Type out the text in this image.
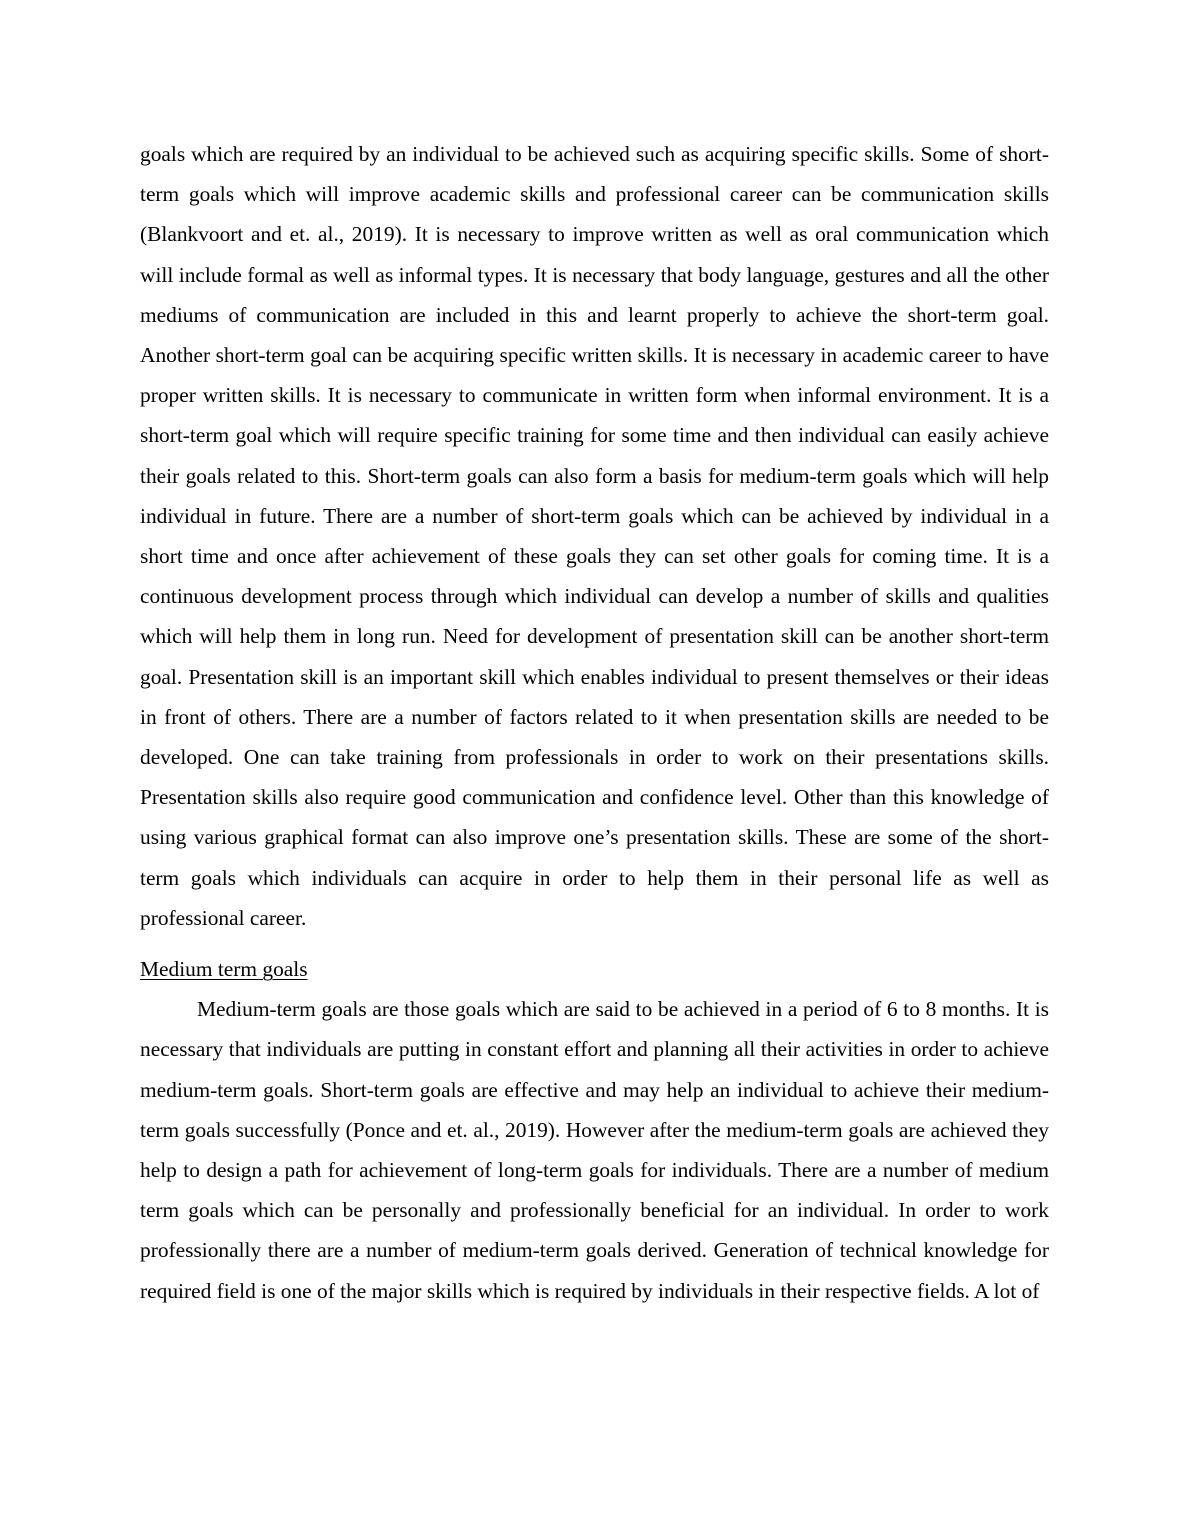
goals which are required by an individual to be achieved such as acquiring specific skills. Some of short-term goals which will improve academic skills and professional career can be communication skills (Blankvoort and et. al., 2019). It is necessary to improve written as well as oral communication which will include formal as well as informal types. It is necessary that body language, gestures and all the other mediums of communication are included in this and learnt properly to achieve the short-term goal. Another short-term goal can be acquiring specific written skills. It is necessary in academic career to have proper written skills. It is necessary to communicate in written form when informal environment. It is a short-term goal which will require specific training for some time and then individual can easily achieve their goals related to this. Short-term goals can also form a basis for medium-term goals which will help individual in future. There are a number of short-term goals which can be achieved by individual in a short time and once after achievement of these goals they can set other goals for coming time. It is a continuous development process through which individual can develop a number of skills and qualities which will help them in long run. Need for development of presentation skill can be another short-term goal. Presentation skill is an important skill which enables individual to present themselves or their ideas in front of others. There are a number of factors related to it when presentation skills are needed to be developed. One can take training from professionals in order to work on their presentations skills. Presentation skills also require good communication and confidence level. Other than this knowledge of using various graphical format can also improve one’s presentation skills. These are some of the short-term goals which individuals can acquire in order to help them in their personal life as well as professional career.

Medium term goals

Medium-term goals are those goals which are said to be achieved in a period of 6 to 8 months. It is necessary that individuals are putting in constant effort and planning all their activities in order to achieve medium-term goals. Short-term goals are effective and may help an individual to achieve their medium-term goals successfully (Ponce and et. al., 2019). However after the medium-term goals are achieved they help to design a path for achievement of long-term goals for individuals. There are a number of medium term goals which can be personally and professionally beneficial for an individual. In order to work professionally there are a number of medium-term goals derived. Generation of technical knowledge for required field is one of the major skills which is required by individuals in their respective fields. A lot of
